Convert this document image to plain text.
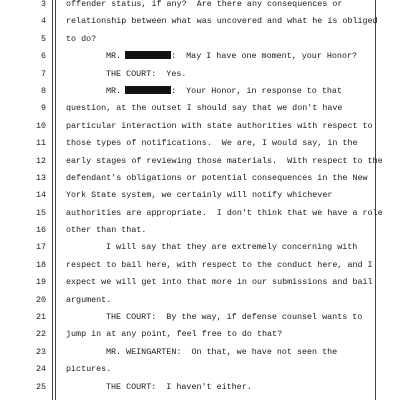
3 offender status, if any?  Are there any consequences or
4 relationship between what was uncovered and what he is obliged
5 to do?
6	MR.	:  May I have one moment, your Honor?
7	THE COURT:  Yes.
8	MR.	:  Your Honor, in response to that
9 question, at the outset I should say that we don't have
10 particular interaction with state authorities with respect to
11 those types of notifications.  We are, I would say, in the
12 early stages of reviewing those materials.  With respect to the
13 defendant's obligations or potential consequences in the New
14 York State system, we certainly will notify whichever
15 authorities are appropriate.  I don't think that we have a role
16 other than that.
17	I will say that they are extremely concerning with
18 respect to bail here, with respect to the conduct here, and I
19 expect we will get into that more in our submissions and bail
20 argument.
21	THE COURT:  By the way, if defense counsel wants to
22 jump in at any point, feel free to do that?
23	MR. WEINGARTEN:  On that, we have not seen the
24 pictures.
25	THE COURT:  I haven't either.
